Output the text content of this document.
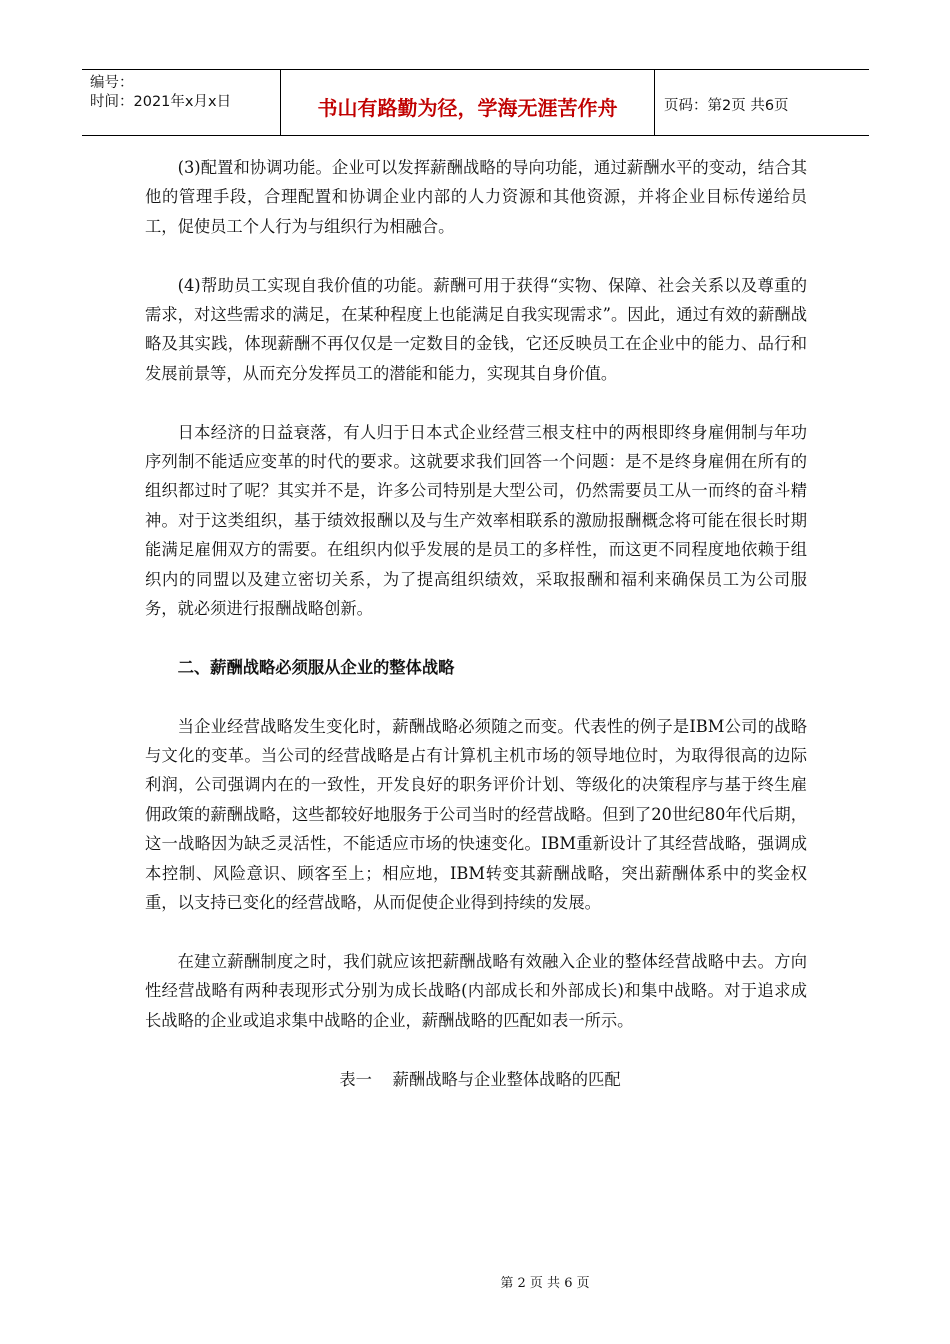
编号：
时间：2021年x月x日	书山有路勤为径，学海无涯苦作舟	页码：第2页 共6页

(3)配置和协调功能。企业可以发挥薪酬战略的导向功能，通过薪酬水平的变动，结合其他的管理手段，合理配置和协调企业内部的人力资源和其他资源，并将企业目标传递给员工，促使员工个人行为与组织行为相融合。

(4)帮助员工实现自我价值的功能。薪酬可用于获得“实物、保障、社会关系以及尊重的需求，对这些需求的满足，在某种程度上也能满足自我实现需求”。因此，通过有效的薪酬战略及其实践，体现薪酬不再仅仅是一定数目的金钱，它还反映员工在企业中的能力、品行和发展前景等，从而充分发挥员工的潜能和能力，实现其自身价值。

日本经济的日益衰落，有人归于日本式企业经营三根支柱中的两根即终身雇佣制与年功序列制不能适应变革的时代的要求。这就要求我们回答一个问题：是不是终身雇佣在所有的组织都过时了呢？其实并不是，许多公司特别是大型公司，仍然需要员工从一而终的奋斗精神。对于这类组织，基于绩效报酬以及与生产效率相联系的激励报酬概念将可能在很长时期能满足雇佣双方的需要。在组织内似乎发展的是员工的多样性，而这更不同程度地依赖于组织内的同盟以及建立密切关系，为了提高组织绩效，采取报酬和福利来确保员工为公司服务，就必须进行报酬战略创新。

二、薪酬战略必须服从企业的整体战略

当企业经营战略发生变化时，薪酬战略必须随之而变。代表性的例子是IBM公司的战略与文化的变革。当公司的经营战略是占有计算机主机市场的领导地位时，为取得很高的边际利润，公司强调内在的一致性，开发良好的职务评价计划、等级化的决策程序与基于终生雇佣政策的薪酬战略，这些都较好地服务于公司当时的经营战略。但到了20世纪80年代后期，这一战略因为缺乏灵活性，不能适应市场的快速变化。IBM重新设计了其经营战略，强调成本控制、风险意识、顾客至上；相应地，IBM转变其薪酬战略，突出薪酬体系中的奖金权重，以支持已变化的经营战略，从而促使企业得到持续的发展。

在建立薪酬制度之时，我们就应该把薪酬战略有效融入企业的整体经营战略中去。方向性经营战略有两种表现形式分别为成长战略(内部成长和外部成长)和集中战略。对于追求成长战略的企业或追求集中战略的企业，薪酬战略的匹配如表一所示。

表一    薪酬战略与企业整体战略的匹配

第 2 页 共 6 页
